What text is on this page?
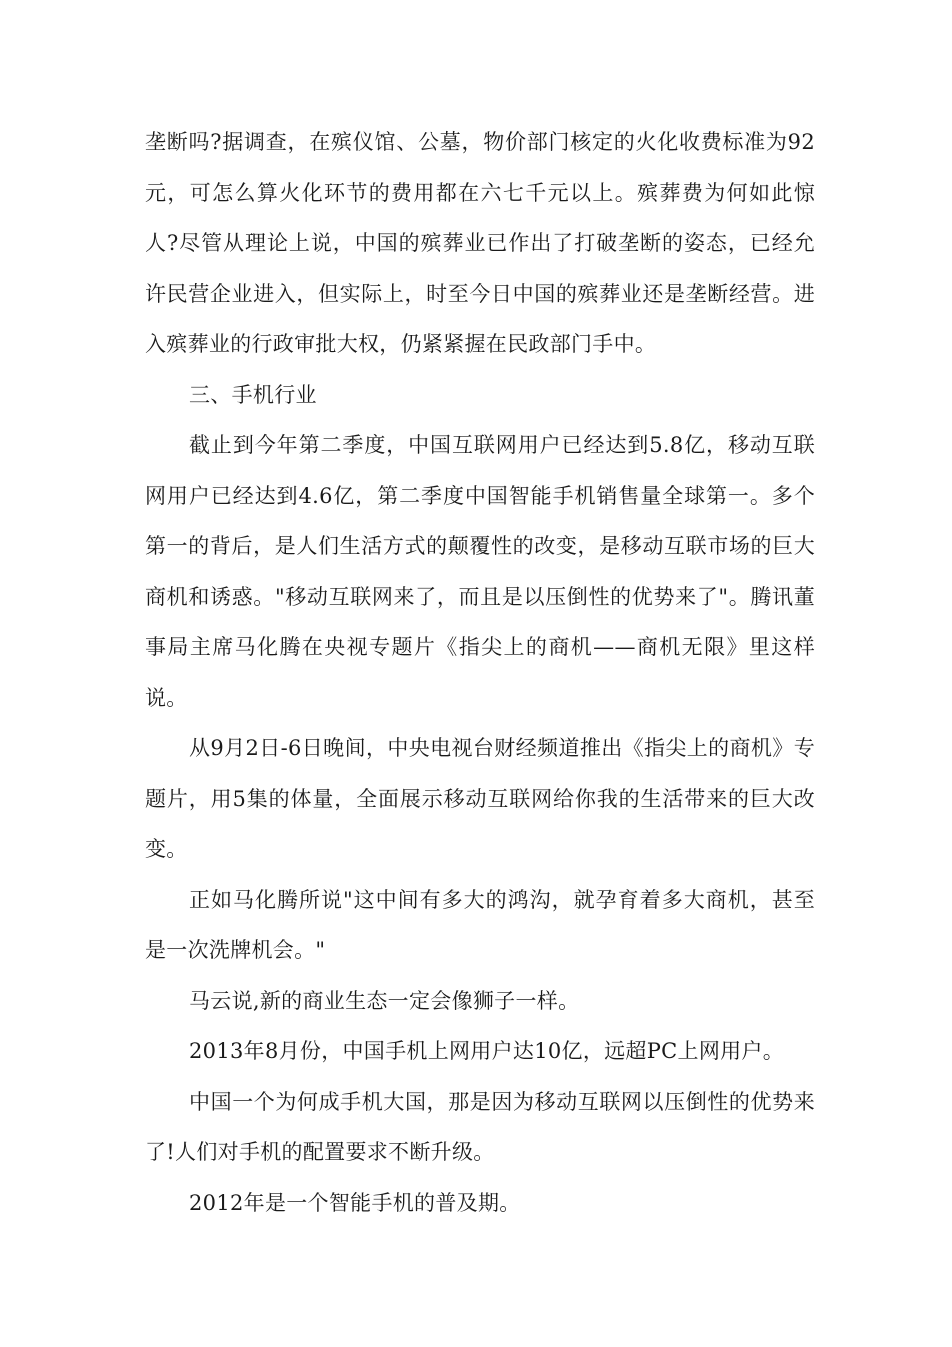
垄断吗?据调查，在殡仪馆、公墓，物价部门核定的火化收费标准为92元，可怎么算火化环节的费用都在六七千元以上。殡葬费为何如此惊人?尽管从理论上说，中国的殡葬业已作出了打破垄断的姿态，已经允许民营企业进入，但实际上，时至今日中国的殡葬业还是垄断经营。进入殡葬业的行政审批大权，仍紧紧握在民政部门手中。

三、手机行业

截止到今年第二季度，中国互联网用户已经达到5.8亿，移动互联网用户已经达到4.6亿，第二季度中国智能手机销售量全球第一。多个第一的背后，是人们生活方式的颠覆性的改变，是移动互联市场的巨大商机和诱惑。"移动互联网来了，而且是以压倒性的优势来了"。腾讯董事局主席马化腾在央视专题片《指尖上的商机——商机无限》里这样说。

从9月2日-6日晚间，中央电视台财经频道推出《指尖上的商机》专题片，用5集的体量，全面展示移动互联网给你我的生活带来的巨大改变。

正如马化腾所说"这中间有多大的鸿沟，就孕育着多大商机，甚至是一次洗牌机会。"

马云说,新的商业生态一定会像狮子一样。

2013年8月份，中国手机上网用户达10亿，远超PC上网用户。

中国一个为何成手机大国，那是因为移动互联网以压倒性的优势来了!人们对手机的配置要求不断升级。

2012年是一个智能手机的普及期。
